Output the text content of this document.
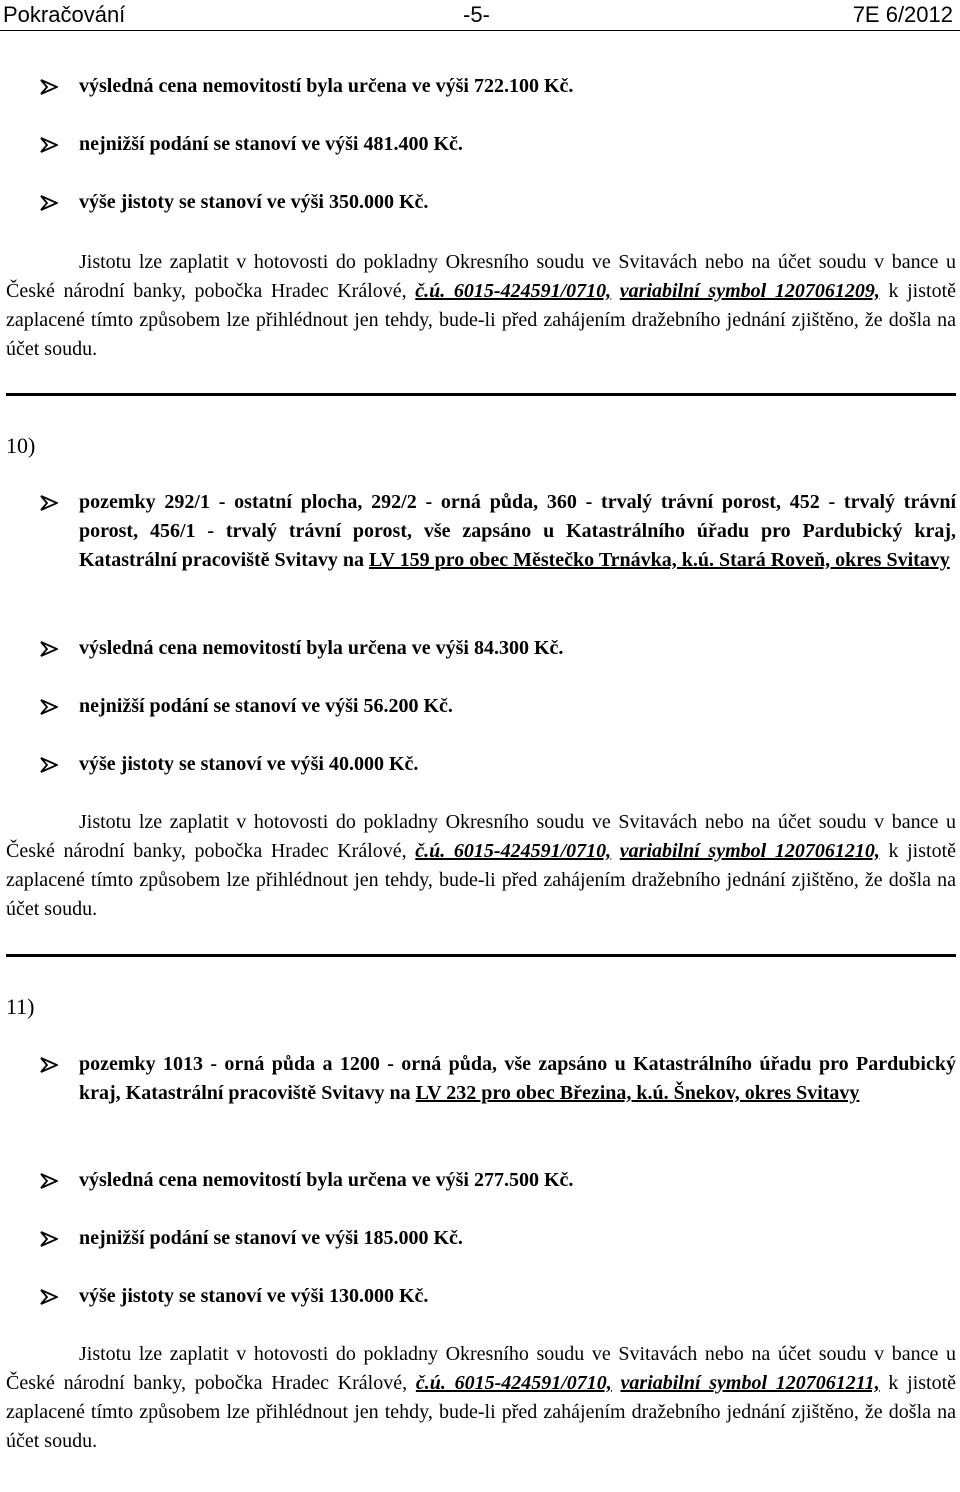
Pokračování	-5-	7E 6/2012
výsledná cena nemovitostí byla určena ve výši 722.100 Kč.
nejnižší podání se stanoví ve výši 481.400 Kč.
výše jistoty se stanoví ve výši 350.000 Kč.
Jistotu lze zaplatit v hotovosti do pokladny Okresního soudu ve Svitavách nebo na účet soudu v bance u České národní banky, pobočka Hradec Králové, č.ú. 6015-424591/0710, variabilní symbol 1207061209, k jistotě zaplacené tímto způsobem lze přihlédnout jen tehdy, bude-li před zahájením dražebního jednání zjištěno, že došla na účet soudu.
10)
pozemky 292/1 - ostatní plocha, 292/2 - orná půda, 360 - trvalý trávní porost, 452 - trvalý trávní porost, 456/1 - trvalý trávní porost, vše zapsáno u Katastrálního úřadu pro Pardubický kraj, Katastrální pracoviště Svitavy na LV 159 pro obec Městečko Trnávka, k.ú. Stará Roveň, okres Svitavy
výsledná cena nemovitostí byla určena ve výši 84.300 Kč.
nejnižší podání se stanoví ve výši 56.200 Kč.
výše jistoty se stanoví ve výši 40.000 Kč.
Jistotu lze zaplatit v hotovosti do pokladny Okresního soudu ve Svitavách nebo na účet soudu v bance u České národní banky, pobočka Hradec Králové, č.ú. 6015-424591/0710, variabilní symbol 1207061210, k jistotě zaplacené tímto způsobem lze přihlédnout jen tehdy, bude-li před zahájením dražebního jednání zjištěno, že došla na účet soudu.
11)
pozemky 1013 - orná půda a 1200 - orná půda, vše zapsáno u Katastrálního úřadu pro Pardubický kraj, Katastrální pracoviště Svitavy na LV 232 pro obec Březina, k.ú. Šnekov, okres Svitavy
výsledná cena nemovitostí byla určena ve výši 277.500 Kč.
nejnižší podání se stanoví ve výši 185.000 Kč.
výše jistoty se stanoví ve výši 130.000 Kč.
Jistotu lze zaplatit v hotovosti do pokladny Okresního soudu ve Svitavách nebo na účet soudu v bance u České národní banky, pobočka Hradec Králové, č.ú. 6015-424591/0710, variabilní symbol 1207061211, k jistotě zaplacené tímto způsobem lze přihlédnout jen tehdy, bude-li před zahájením dražebního jednání zjištěno, že došla na účet soudu.
